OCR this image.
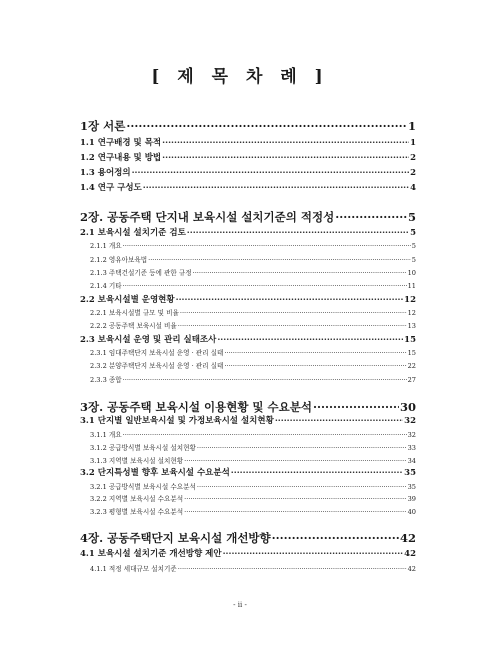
[ 제 목 차 례 ]
1장 서론 ·····	1
1.1 연구배경 및 목적 ·····	1
1.2 연구내용 및 방법 ·····	2
1.3 용어정의 ·····	2
1.4 연구 구성도 ·····	4
2장. 공동주택 단지내 보육시설 설치기준의 적정성 ·····	5
2.1 보육시설 설치기준 검토 ·····	5
2.1.1 개요 ·····	5
2.1.2 영유아보육법 ·····	5
2.1.3 주택건설기준 등에 관한 규정 ·····	10
2.1.4 기타 ·····	11
2.2 보육시설별 운영현황 ·····	12
2.2.1 보육시설별 규모 및 비율 ·····	12
2.2.2 공동주택 보육시설 비율 ·····	13
2.3 보육시설 운영 및 관리 실태조사 ·····	15
2.3.1 임대주택단지 보육시설 운영 · 관리 실태 ·····	15
2.3.2 분양주택단지 보육시설 운영 · 관리 실태 ·····	22
2.3.3 종합 ·····	27
3장. 공동주택 보육시설 이용현황 및 수요분석 ·····	30
3.1 단지별 일반보육시설 및 가정보육시설 설치현황 ·····	32
3.1.1 개요 ·····	32
3.1.2 공급방식별 보육시설 설치현황 ·····	33
3.1.3 지역별 보육시설 설치현황 ·····	34
3.2 단지특성별 향후 보육시설 수요분석 ·····	35
3.2.1 공급방식별 보육시설 수요분석 ·····	35
3.2.2 지역별 보육시설 수요분석 ·····	39
3.2.3 평형별 보육시설 수요분석 ·····	40
4장. 공동주택단지 보육시설 개선방향 ·····	42
4.1 보육시설 설치기준 개선방향 제안 ·····	42
4.1.1 적정 세대규모 설치기준 ·····	42
- ii -
